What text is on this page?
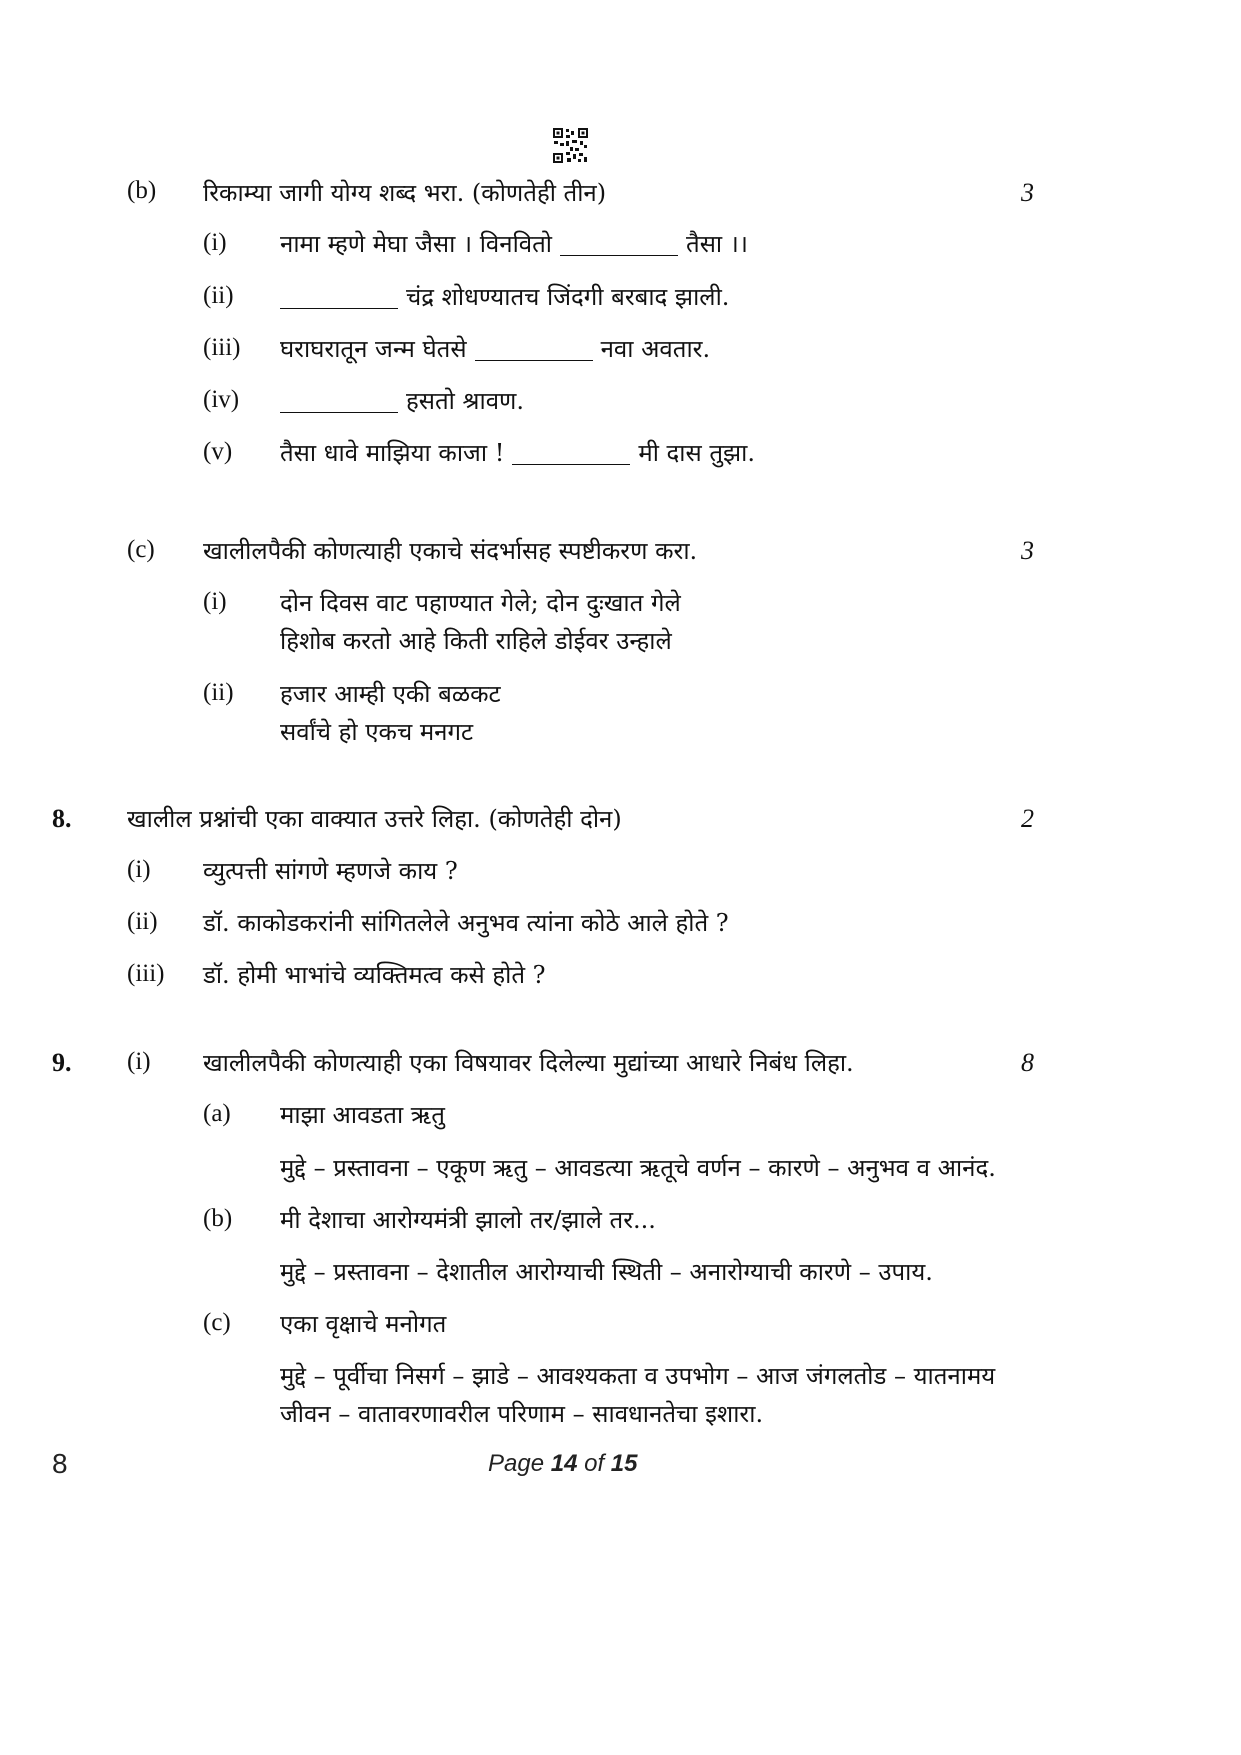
(b) रिकाम्या जागी योग्य शब्द भरा. (कोणतेही तीन)	3
(i) नामा म्हणे मेघा जैसा । विनवितो	तैसा ।।
(ii)	चंद्र शोधण्यातच जिंदगी बरबाद झाली.
(iii) घराघरातून जन्म घेतसे	नवा अवतार.
(iv)	हसतो श्रावण.
(v) तैसा धावे माझिया काजा !	मी दास तुझा.
(c) खालीलपैकी कोणत्याही एकाचे संदर्भासह स्पष्टीकरण करा.	3
(i) दोन दिवस वाट पहाण्यात गेले; दोन दुःखात गेले
हिशोब करतो आहे किती राहिले डोईवर उन्हाले
(ii) हजार आम्ही एकी बळकट
सर्वांचे हो एकच मनगट
8. खालील प्रश्नांची एका वाक्यात उत्तरे लिहा. (कोणतेही दोन)	2
(i) व्युत्पत्ती सांगणे म्हणजे काय ?
(ii) डॉ. काकोडकरांनी सांगितलेले अनुभव त्यांना कोठे आले होते ?
(iii) डॉ. होमी भाभांचे व्यक्तिमत्व कसे होते ?
9. (i) खालीलपैकी कोणत्याही एका विषयावर दिलेल्या मुद्यांच्या आधारे निबंध लिहा.	8
(a) माझा आवडता ऋतु
मुद्दे – प्रस्तावना – एकूण ऋतु – आवडत्या ऋतूचे वर्णन – कारणे – अनुभव व आनंद.
(b) मी देशाचा आरोग्यमंत्री झालो तर/झाले तर...
मुद्दे – प्रस्तावना – देशातील आरोग्याची स्थिती – अनारोग्याची कारणे – उपाय.
(c) एका वृक्षाचे मनोगत
मुद्दे – पूर्वीचा निसर्ग – झाडे – आवश्यकता व उपभोग – आज जंगलतोड – यातनामय
जीवन – वातावरणावरील परिणाम – सावधानतेचा इशारा.
8	Page 14 of 15
